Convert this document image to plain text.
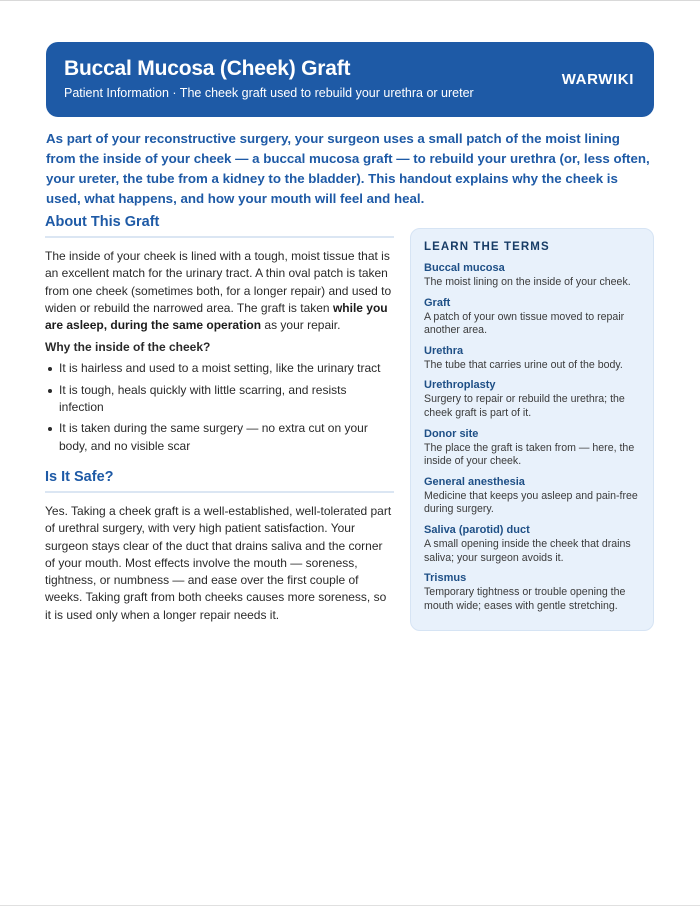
Buccal Mucosa (Cheek) Graft
Patient Information · The cheek graft used to rebuild your urethra or ureter
WARWIKI
As part of your reconstructive surgery, your surgeon uses a small patch of the moist lining from the inside of your cheek — a buccal mucosa graft — to rebuild your urethra (or, less often, your ureter, the tube from a kidney to the bladder). This handout explains why the cheek is used, what happens, and how your mouth will feel and heal.
About This Graft

The inside of your cheek is lined with a tough, moist tissue that is an excellent match for the urinary tract. A thin oval patch is taken from one cheek (sometimes both, for a longer repair) and used to widen or rebuild the narrowed area. The graft is taken while you are asleep, during the same operation as your repair.

Why the inside of the cheek?
It is hairless and used to a moist setting, like the urinary tract
It is tough, heals quickly with little scarring, and resists infection
It is taken during the same surgery — no extra cut on your body, and no visible scar
Is It Safe?

Yes. Taking a cheek graft is a well-established, well-tolerated part of urethral surgery, with very high patient satisfaction. Your surgeon stays clear of the duct that drains saliva and the corner of your mouth. Most effects involve the mouth — soreness, tightness, or numbness — and ease over the first couple of weeks. Taking graft from both cheeks causes more soreness, so it is used only when a longer repair needs it.

LEARN THE TERMS
Buccal mucosa
The moist lining on the inside of your cheek.
Graft
A patch of your own tissue moved to repair another area.
Urethra
The tube that carries urine out of the body.
Urethroplasty
Surgery to repair or rebuild the urethra; the cheek graft is part of it.
Donor site
The place the graft is taken from — here, the inside of your cheek.
General anesthesia
Medicine that keeps you asleep and pain-free during surgery.
Saliva (parotid) duct
A small opening inside the cheek that drains saliva; your surgeon avoids it.
Trismus
Temporary tightness or trouble opening the mouth wide; eases with gentle stretching.
